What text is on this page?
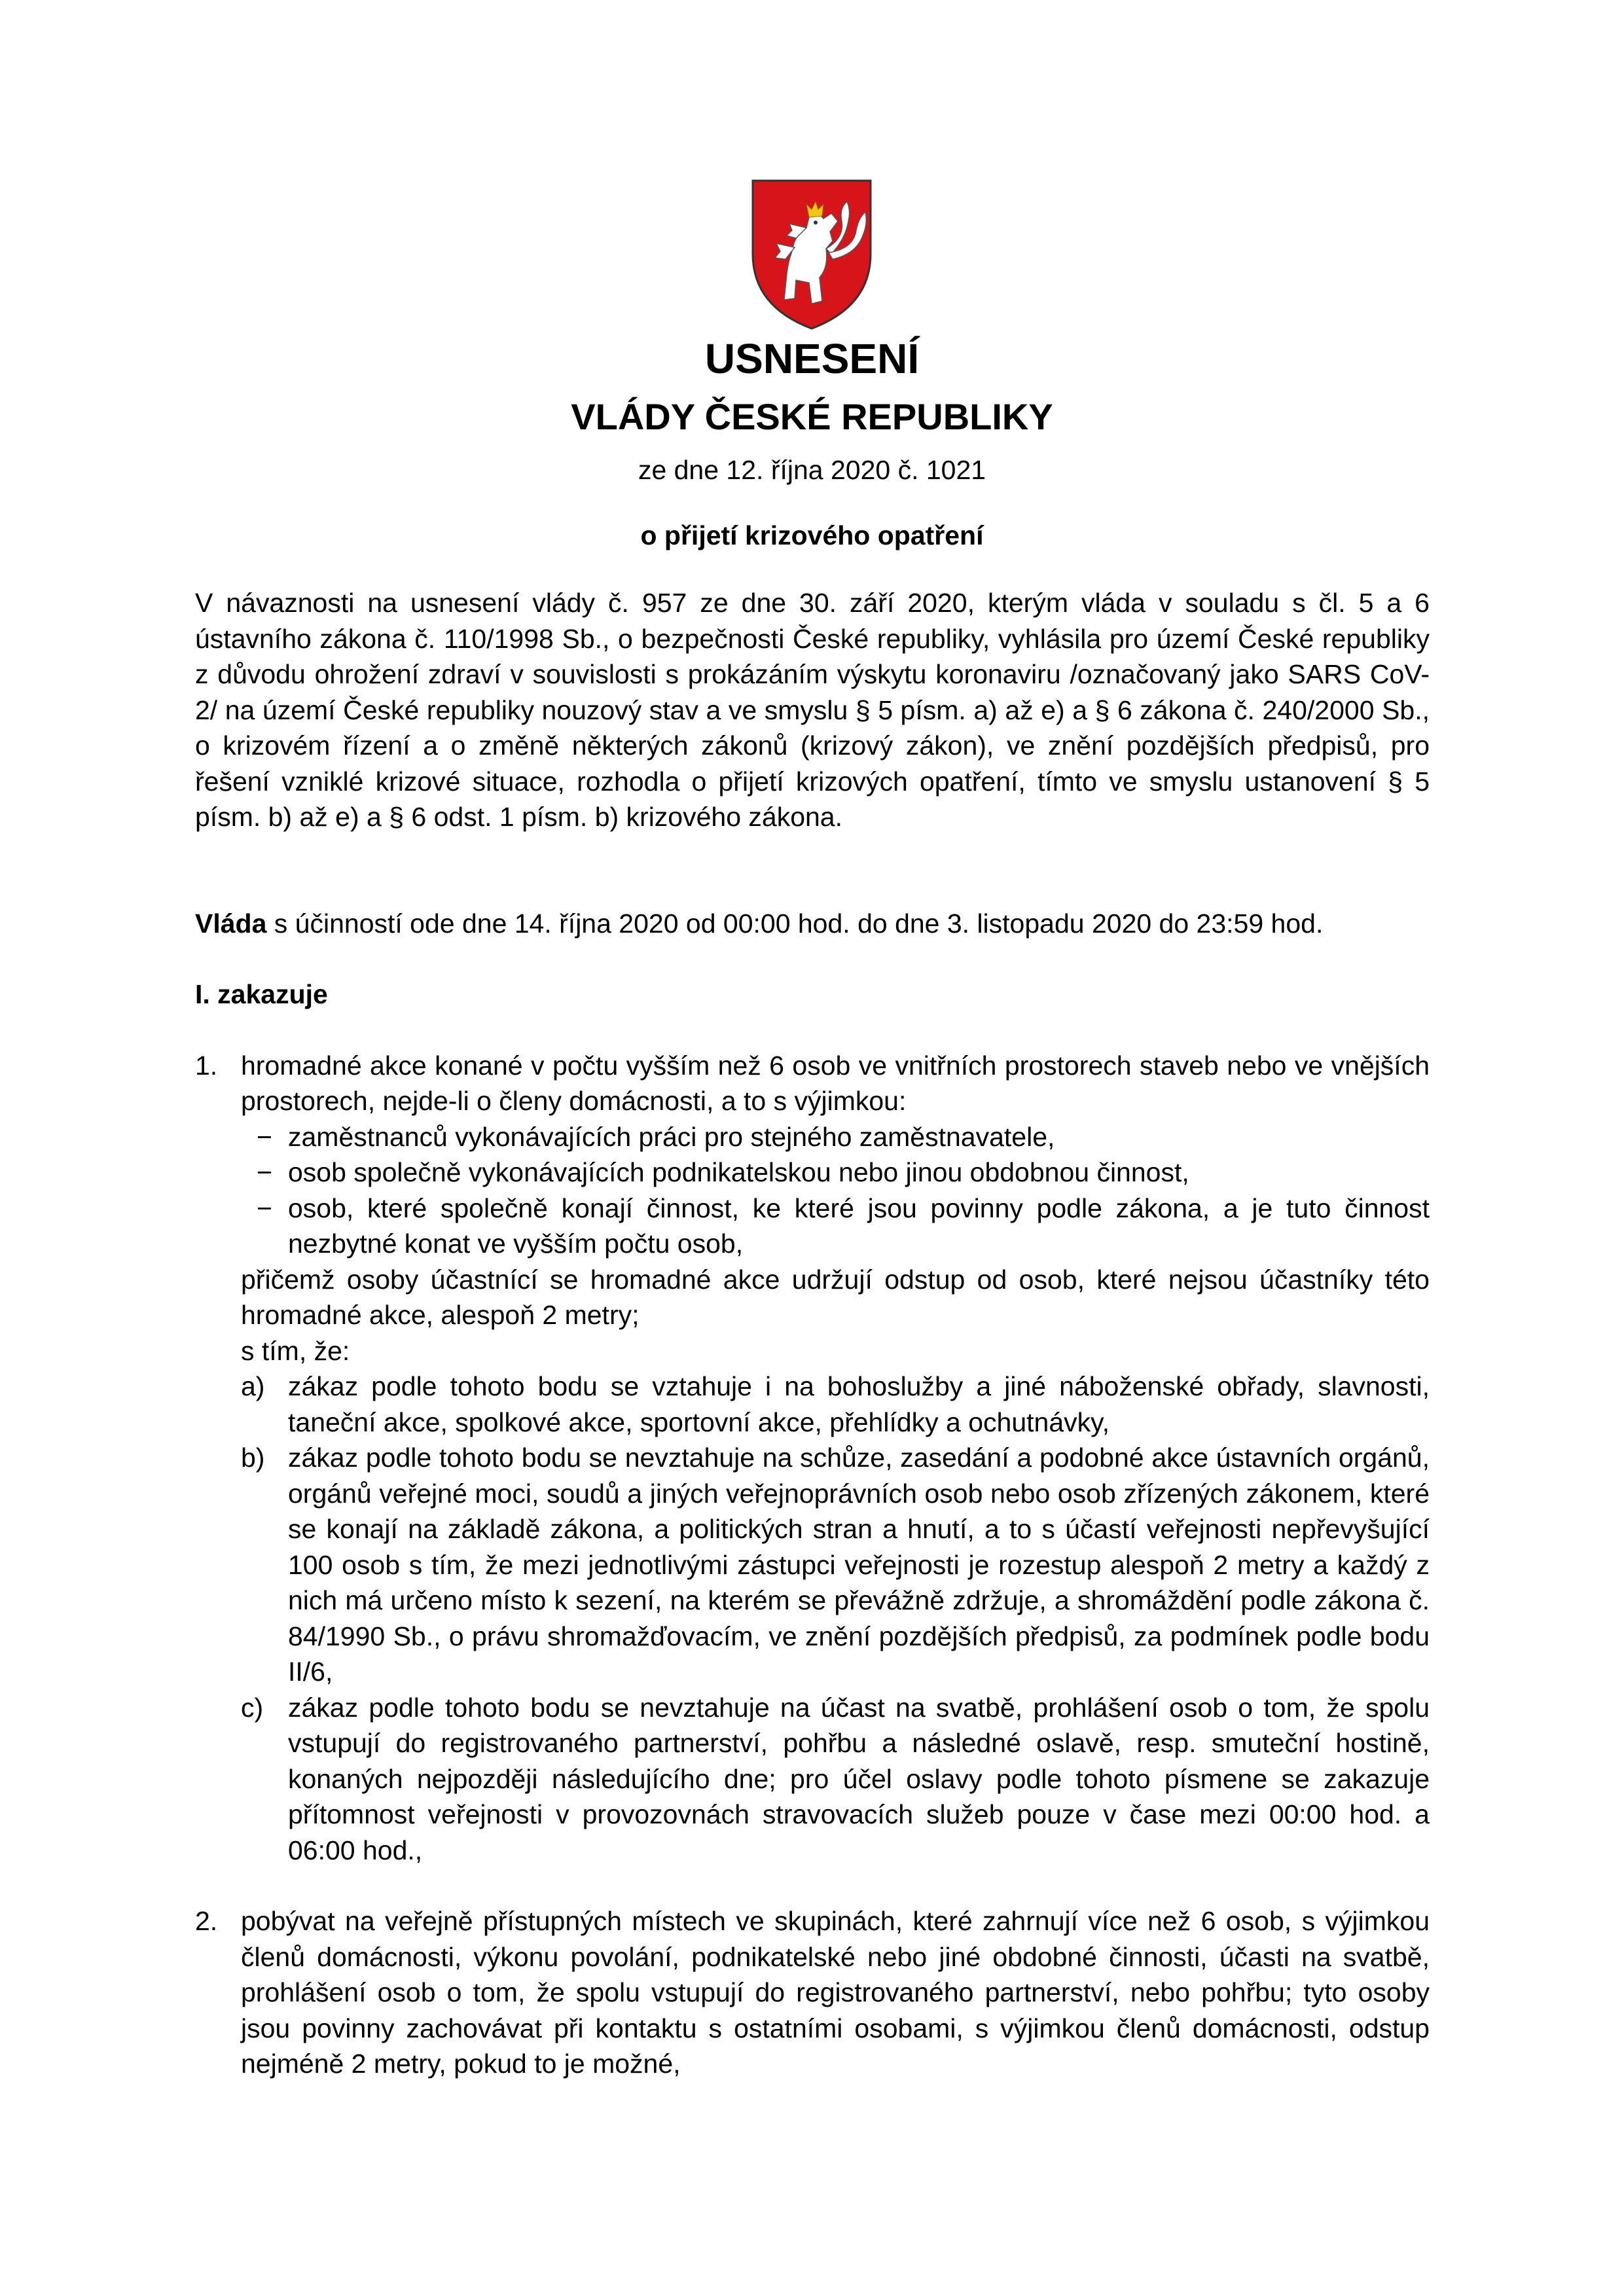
USNESENÍ
VLÁDY ČESKÉ REPUBLIKY
ze dne 12. října 2020 č. 1021
o přijetí krizového opatření

V návaznosti na usnesení vlády č. 957 ze dne 30. září 2020, kterým vláda v souladu s čl. 5 a 6 ústavního zákona č. 110/1998 Sb., o bezpečnosti České republiky, vyhlásila pro území České republiky z důvodu ohrožení zdraví v souvislosti s prokázáním výskytu koronaviru /označovaný jako SARS CoV-2/ na území České republiky nouzový stav a ve smyslu § 5 písm. a) až e) a § 6 zákona č. 240/2000 Sb., o krizovém řízení a o změně některých zákonů (krizový zákon), ve znění pozdějších předpisů, pro řešení vzniklé krizové situace, rozhodla o přijetí krizových opatření, tímto ve smyslu ustanovení § 5 písm. b) až e) a § 6 odst. 1 písm. b) krizového zákona.

Vláda s účinností ode dne 14. října 2020 od 00:00 hod. do dne 3. listopadu 2020 do 23:59 hod.

I. zakazuje

1. hromadné akce konané v počtu vyšším než 6 osob ve vnitřních prostorech staveb nebo ve vnějších prostorech, nejde-li o členy domácnosti, a to s výjimkou:

− zaměstnanců vykonávajících práci pro stejného zaměstnavatele,
− osob společně vykonávajících podnikatelskou nebo jinou obdobnou činnost,
− osob, které společně konají činnost, ke které jsou povinny podle zákona, a je tuto činnost nezbytné konat ve vyšším počtu osob,

přičemž osoby účastnící se hromadné akce udržují odstup od osob, které nejsou účastníky této hromadné akce, alespoň 2 metry;

s tím, že:

a) zákaz podle tohoto bodu se vztahuje i na bohoslužby a jiné náboženské obřady, slavnosti, taneční akce, spolkové akce, sportovní akce, přehlídky a ochutnávky,
b) zákaz podle tohoto bodu se nevztahuje na schůze, zasedání a podobné akce ústavních orgánů, orgánů veřejné moci, soudů a jiných veřejnoprávních osob nebo osob zřízených zákonem, které se konají na základě zákona, a politických stran a hnutí, a to s účastí veřejnosti nepřevyšující 100 osob s tím, že mezi jednotlivými zástupci veřejnosti je rozestup alespoň 2 metry a každý z nich má určeno místo k sezení, na kterém se převážně zdržuje, a shromáždění podle zákona č. 84/1990 Sb., o právu shromažďovacím, ve znění pozdějších předpisů, za podmínek podle bodu II/6,
c) zákaz podle tohoto bodu se nevztahuje na účast na svatbě, prohlášení osob o tom, že spolu vstupují do registrovaného partnerství, pohřbu a následné oslavě, resp. smuteční hostině, konaných nejpozději následujícího dne; pro účel oslavy podle tohoto písmene se zakazuje přítomnost veřejnosti v provozovnách stravovacích služeb pouze v čase mezi 00:00 hod. a 06:00 hod.,
2. pobývat na veřejně přístupných místech ve skupinách, které zahrnují více než 6 osob, s výjimkou členů domácnosti, výkonu povolání, podnikatelské nebo jiné obdobné činnosti, účasti na svatbě, prohlášení osob o tom, že spolu vstupují do registrovaného partnerství, nebo pohřbu; tyto osoby jsou povinny zachovávat při kontaktu s ostatními osobami, s výjimkou členů domácnosti, odstup nejméně 2 metry, pokud to je možné,
